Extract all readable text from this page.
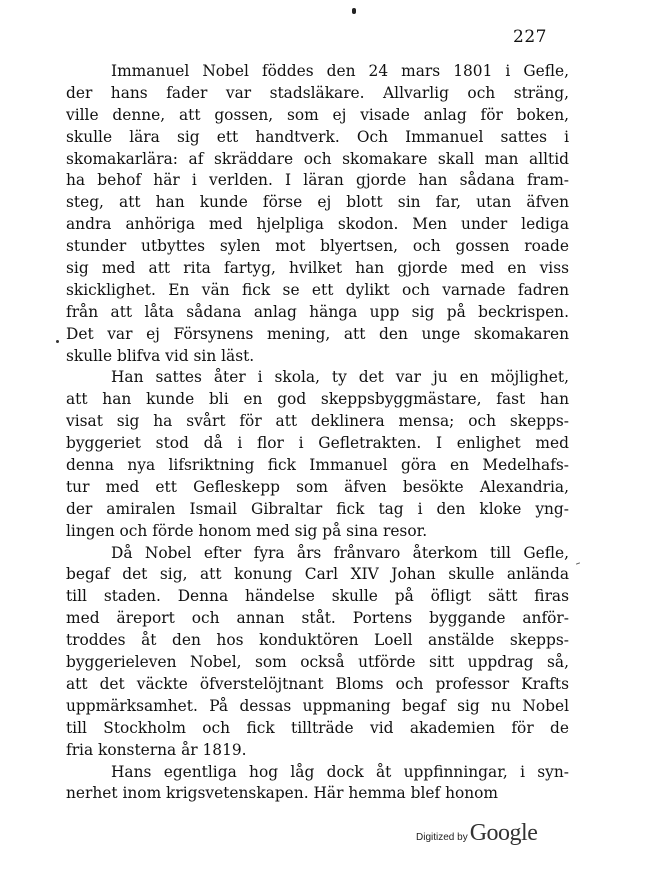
227

Immanuel Nobel föddes den 24 mars 1801 i Gefle,
der hans fader var stadsläkare. Allvarlig och sträng,
ville denne, att gossen, som ej visade anlag för boken,
skulle lära sig ett handtverk. Och Immanuel sattes i
skomakarlära: af skräddare och skomakare skall man alltid
ha behof här i verlden. I läran gjorde han sådana fram-
steg, att han kunde förse ej blott sin far, utan äfven
andra anhöriga med hjelpliga skodon. Men under lediga
stunder utbyttes sylen mot blyertsen, och gossen roade
sig med att rita fartyg, hvilket han gjorde med en viss
skicklighet. En vän fick se ett dylikt och varnade fadren
från att låta sådana anlag hänga upp sig på beckrispen.
Det var ej Försynens mening, att den unge skomakaren
skulle blifva vid sin läst.

Han sattes åter i skola, ty det var ju en möjlighet,
att han kunde bli en god skeppsbyggmästare, fast han
visat sig ha svårt för att deklinera mensa; och skepps-
byggeriet stod då i flor i Gefletrakten. I enlighet med
denna nya lifsriktning fick Immanuel göra en Medelhafs-
tur med ett Gefleskepp som äfven besökte Alexandria,
der amiralen Ismail Gibraltar fick tag i den kloke yng-
lingen och förde honom med sig på sina resor.

Då Nobel efter fyra års frånvaro återkom till Gefle,
begaf det sig, att konung Carl XIV Johan skulle anlända
till staden. Denna händelse skulle på öfligt sätt firas
med äreport och annan ståt. Portens byggande anför-
troddes åt den hos konduktören Loell anstälde skepps-
byggerieleven Nobel, som också utförde sitt uppdrag så,
att det väckte öfverstelöjtnant Bloms och professor Krafts
uppmärksamhet. På dessas uppmaning begaf sig nu Nobel
till Stockholm och fick tillträde vid akademien för de
fria konsterna år 1819.

Hans egentliga hog låg dock åt uppfinningar, i syn-
nerhet inom krigsvetenskapen. Här hemma blef honom

Digitized by Google
